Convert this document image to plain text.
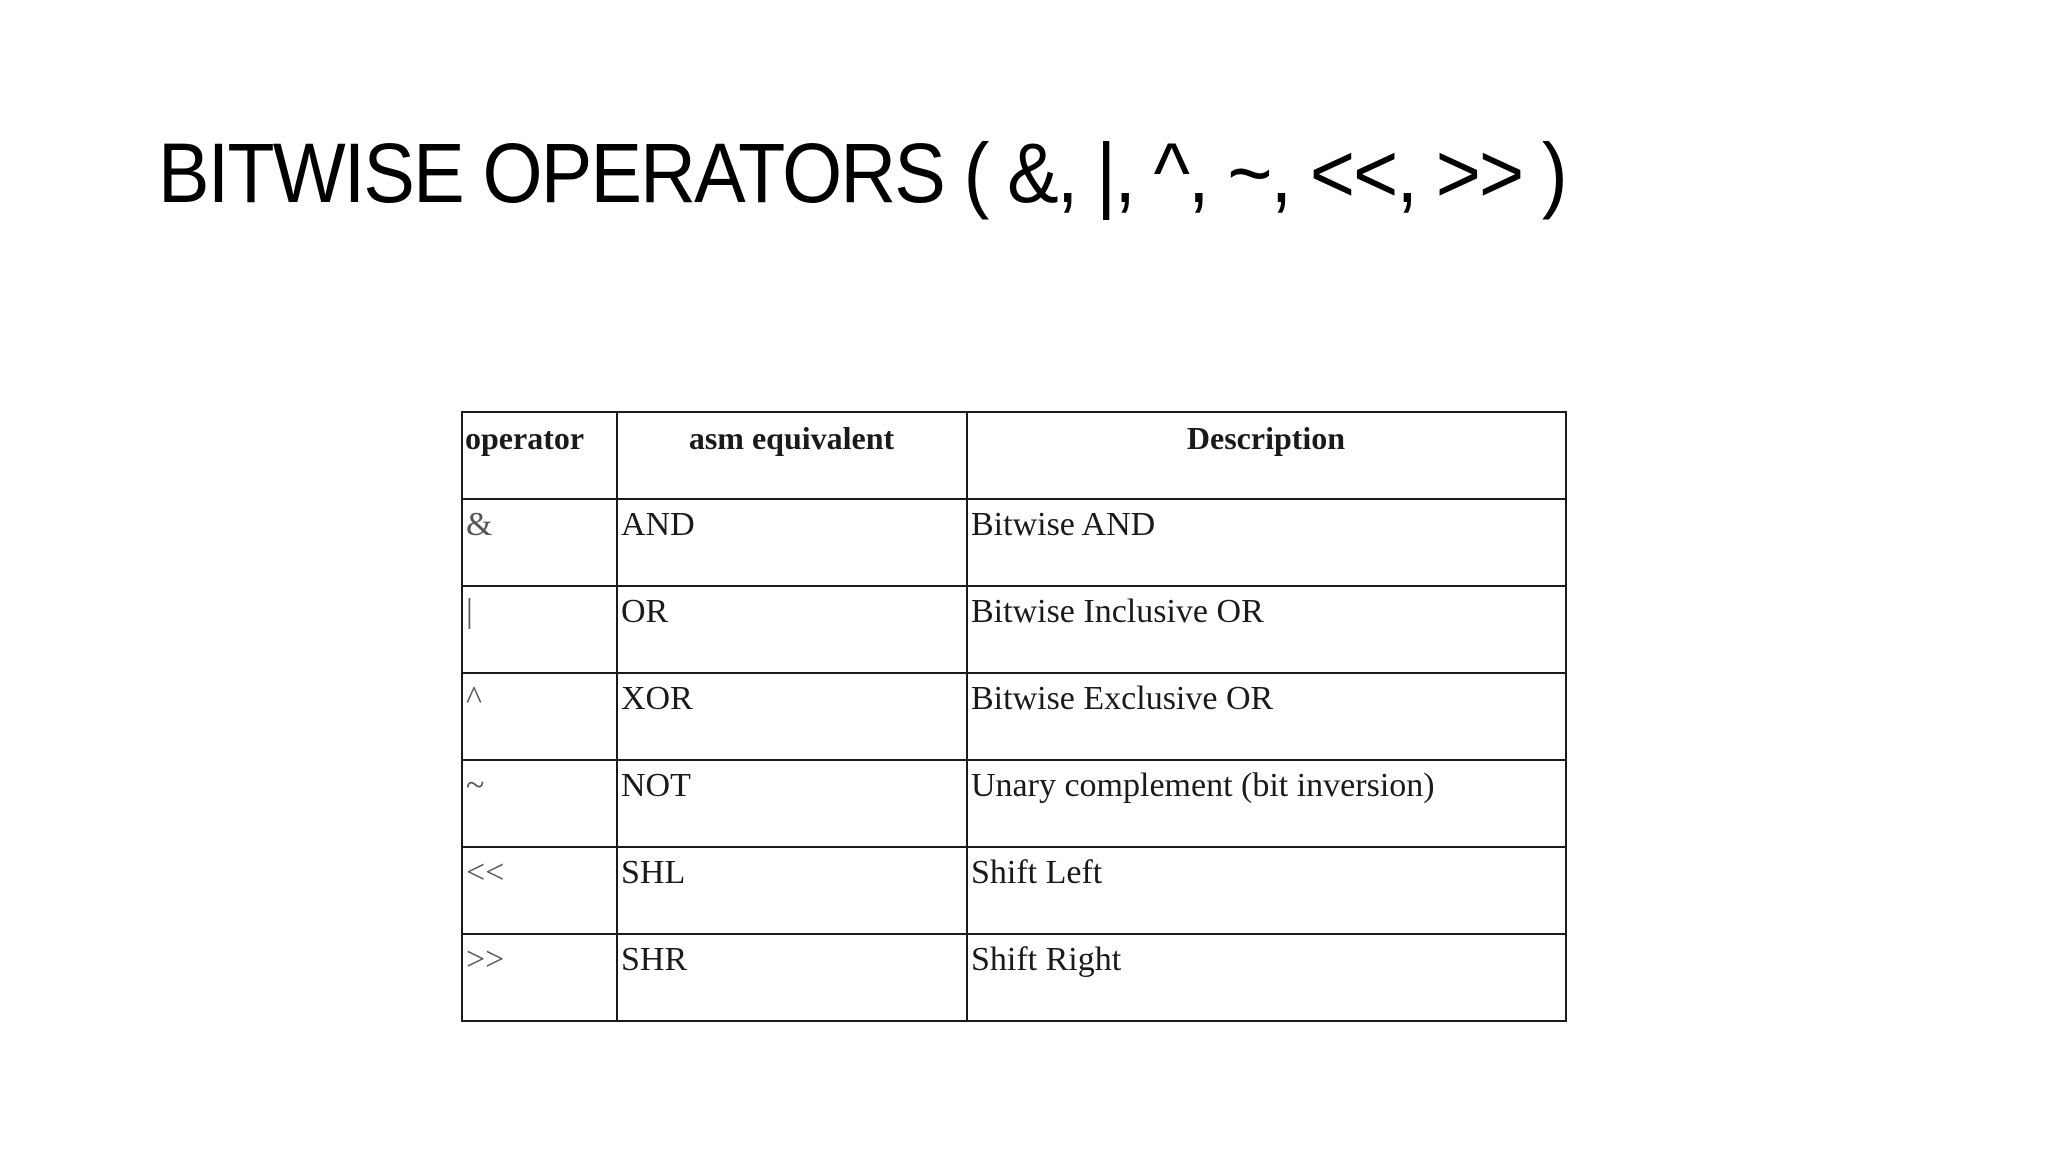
BITWISE OPERATORS ( &, |, ^, ~, <<, >> )
operator	asm equivalent	Description
&	AND	Bitwise AND
|	OR	Bitwise Inclusive OR
^	XOR	Bitwise Exclusive OR
~	NOT	Unary complement (bit inversion)
<<	SHL	Shift Left
>>	SHR	Shift Right
